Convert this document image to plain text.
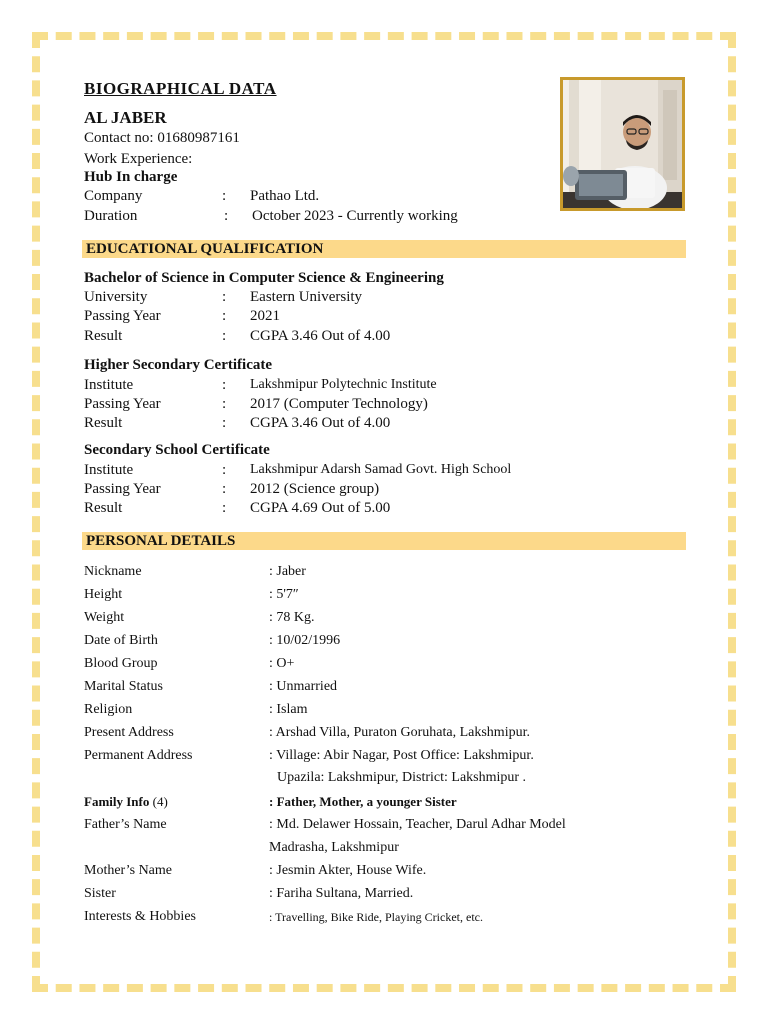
BIOGRAPHICAL DATA
AL JABER
Contact no: 01680987161
Work Experience:
Hub In charge
Company	: Pathao Ltd.
Duration	: October 2023 - Currently working
EDUCATIONAL QUALIFICATION
Bachelor of Science in Computer Science & Engineering
University	: Eastern University
Passing Year	: 2021
Result	: CGPA 3.46 Out of 4.00
Higher Secondary Certificate
Institute	: Lakshmipur Polytechnic Institute
Passing Year	: 2017 (Computer Technology)
Result	: CGPA 3.46 Out of 4.00
Secondary School Certificate
Institute	: Lakshmipur Adarsh Samad Govt. High School
Passing Year	: 2012 (Science group)
Result	: CGPA 4.69 Out of 5.00
PERSONAL DETAILS
Nickname	: Jaber
Height	: 5'7″
Weight	: 78 Kg.
Date of Birth	: 10/02/1996
Blood Group	: O+
Marital Status	: Unmarried
Religion	: Islam
Present Address	: Arshad Villa, Puraton Goruhata, Lakshmipur.
Permanent Address	: Village: Abir Nagar, Post Office: Lakshmipur.
Upazila: Lakshmipur, District: Lakshmipur .
Family Info (4)	: Father, Mother, a younger Sister
Father’s Name	: Md. Delawer Hossain, Teacher, Darul Adhar Model
Madrasha, Lakshmipur
Mother’s Name	: Jesmin Akter, House Wife.
Sister	: Fariha Sultana, Married.
Interests & Hobbies	: Travelling, Bike Ride, Playing Cricket, etc.
